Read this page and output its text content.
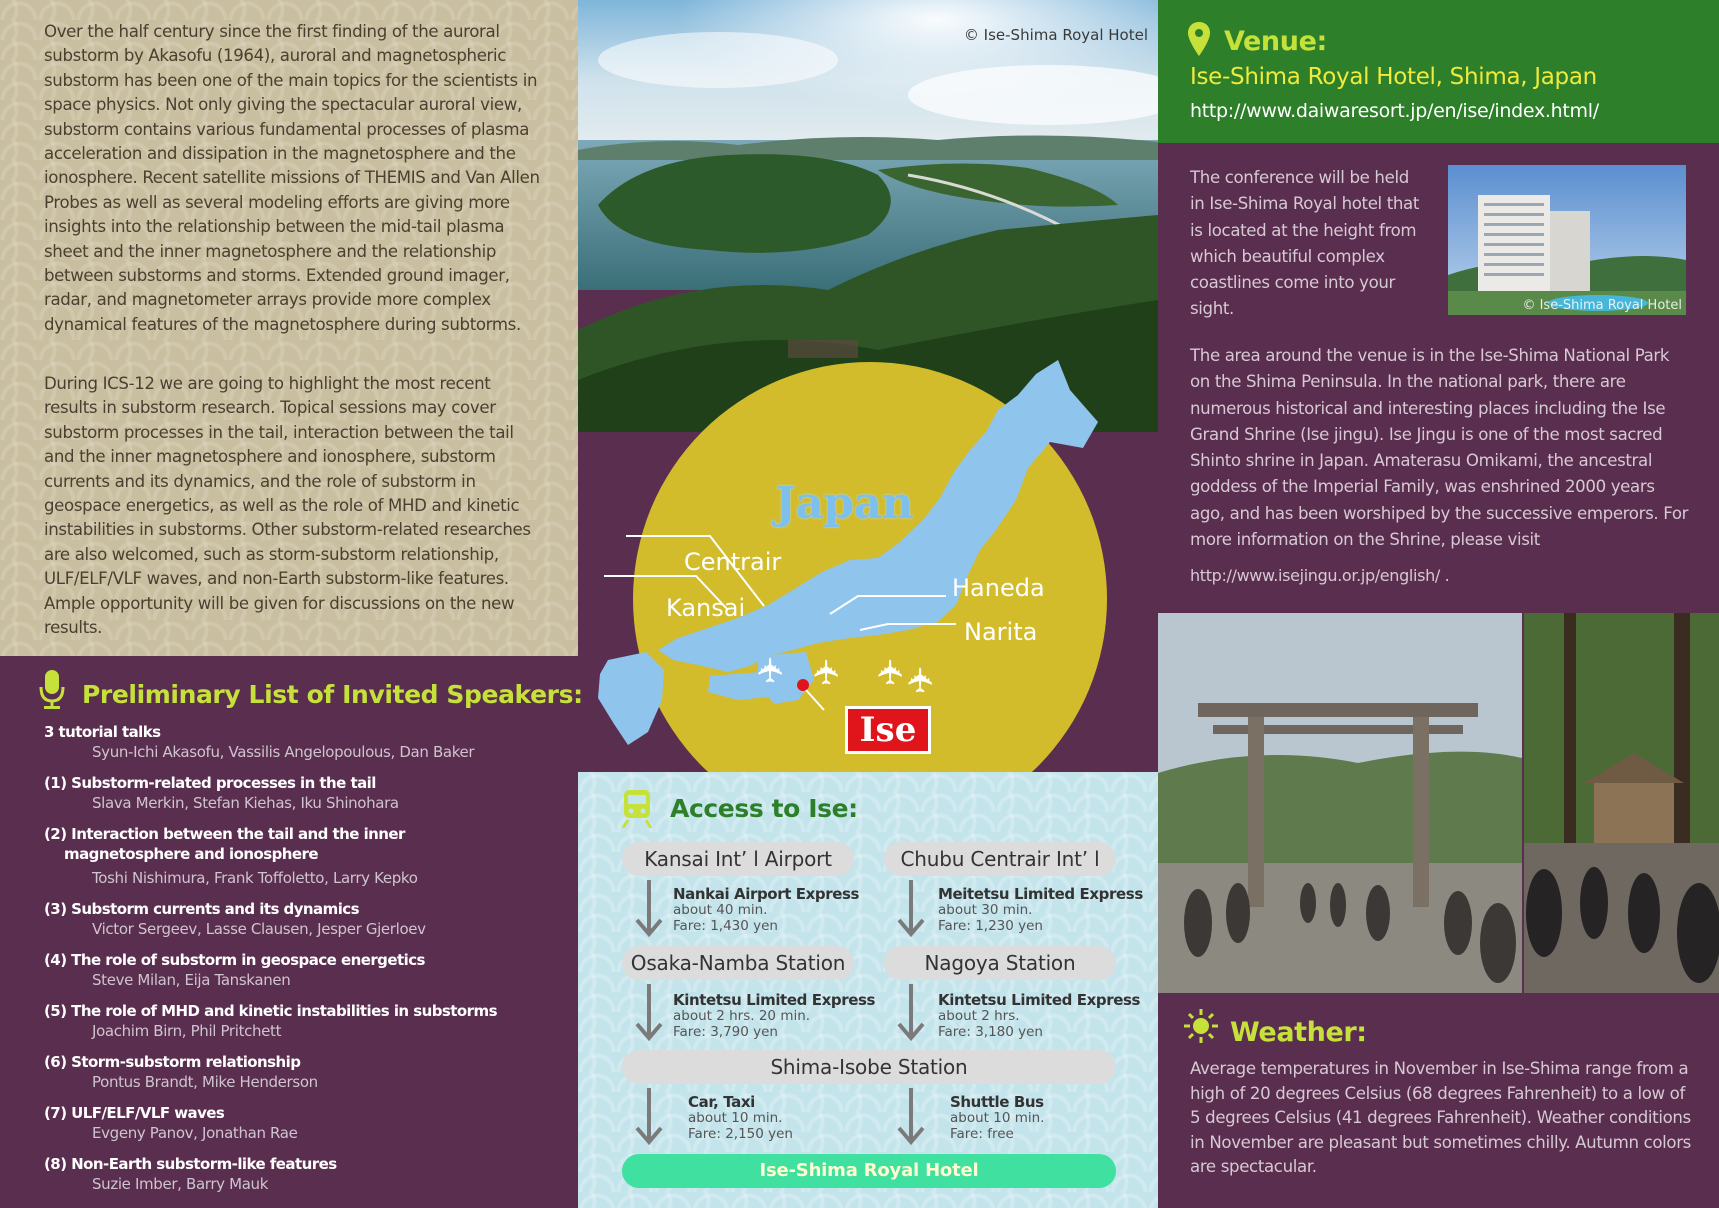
Over the half century since the first finding of the auroral substorm by Akasofu (1964), auroral and magnetospheric substorm has been one of the main topics for the scientists in space physics. Not only giving the spectacular auroral view, substorm contains various fundamental processes of plasma acceleration and dissipation in the magnetosphere and the ionosphere. Recent satellite missions of THEMIS and Van Allen Probes as well as several modeling efforts are giving more insights into the relationship between the mid-tail plasma sheet and the inner magnetosphere and the relationship between substorms and storms. Extended ground imager, radar, and magnetometer arrays provide more complex dynamical features of the magnetosphere during subtorms.

During ICS-12 we are going to highlight the most recent results in substorm research. Topical sessions may cover substorm processes in the tail, interaction between the tail and the inner magnetosphere and ionosphere, substorm currents and its dynamics, and the role of substorm in geospace energetics, as well as the role of MHD and kinetic instabilities in substorms. Other substorm-related researches are also welcomed, such as storm-substorm relationship, ULF/ELF/VLF waves, and non-Earth substorm-like features. Ample opportunity will be given for discussions on the new results.

Preliminary List of Invited Speakers:
3 tutorial talks
Syun-Ichi Akasofu, Vassilis Angelopoulous, Dan Baker
(1) Substorm-related processes in the tail
Slava Merkin, Stefan Kiehas, Iku Shinohara
(2) Interaction between the tail and the inner
magnetosphere and ionosphere
Toshi Nishimura, Frank Toffoletto, Larry Kepko
(3) Substorm currents and its dynamics
Victor Sergeev, Lasse Clausen, Jesper Gjerloev
(4) The role of substorm in geospace energetics
Steve Milan, Eija Tanskanen
(5) The role of MHD and kinetic instabilities in substorms
Joachim Birn, Phil Pritchett
(6) Storm-substorm relationship
Pontus Brandt, Mike Henderson
(7) ULF/ELF/VLF waves
Evgeny Panov, Jonathan Rae
(8) Non-Earth substorm-like features
Suzie Imber, Barry Mauk
© Ise-Shima Royal Hotel
✈ ✈ ✈
✈
Japan
Centrair
Kansai
Haneda
Narita
Ise
Access to Ise:
Kansai Int’ l Airport	Chubu Centrair Int’ l
Nankai Airport Express
about 40 min.
Fare: 1,430 yen
Meitetsu Limited Express
about 30 min.
Fare: 1,230 yen
Osaka-Namba Station	Nagoya Station
Kintetsu Limited Express
about 2 hrs. 20 min.
Fare: 3,790 yen
Kintetsu Limited Express
about 2 hrs.
Fare: 3,180 yen
Shima-Isobe Station
Car, Taxi
about 10 min.
Fare: 2,150 yen
Shuttle Bus
about 10 min.
Fare: free
Ise-Shima Royal Hotel
Venue:
Ise-Shima Royal Hotel, Shima, Japan
http://www.daiwaresort.jp/en/ise/index.html/
The conference will be held in Ise-Shima Royal hotel that is located at the height from which beautiful complex coastlines come into your sight.	© Ise-Shima Royal Hotel
The area around the venue is in the Ise-Shima National Park on the Shima Peninsula. In the national park, there are numerous historical and interesting places including the Ise Grand Shrine (Ise jingu). Ise Jingu is one of the most sacred Shinto shrine in Japan. Amaterasu Omikami, the ancestral goddess of the Imperial Family, was enshrined 2000 years ago, and has been worshiped by the successive emperors. For more information on the Shrine, please visit
http://www.isejingu.or.jp/english/ .
Weather:
Average temperatures in November in Ise-Shima range from a high of 20 degrees Celsius (68 degrees Fahrenheit) to a low of 5 degrees Celsius (41 degrees Fahrenheit). Weather conditions in November are pleasant but sometimes chilly. Autumn colors are spectacular.
